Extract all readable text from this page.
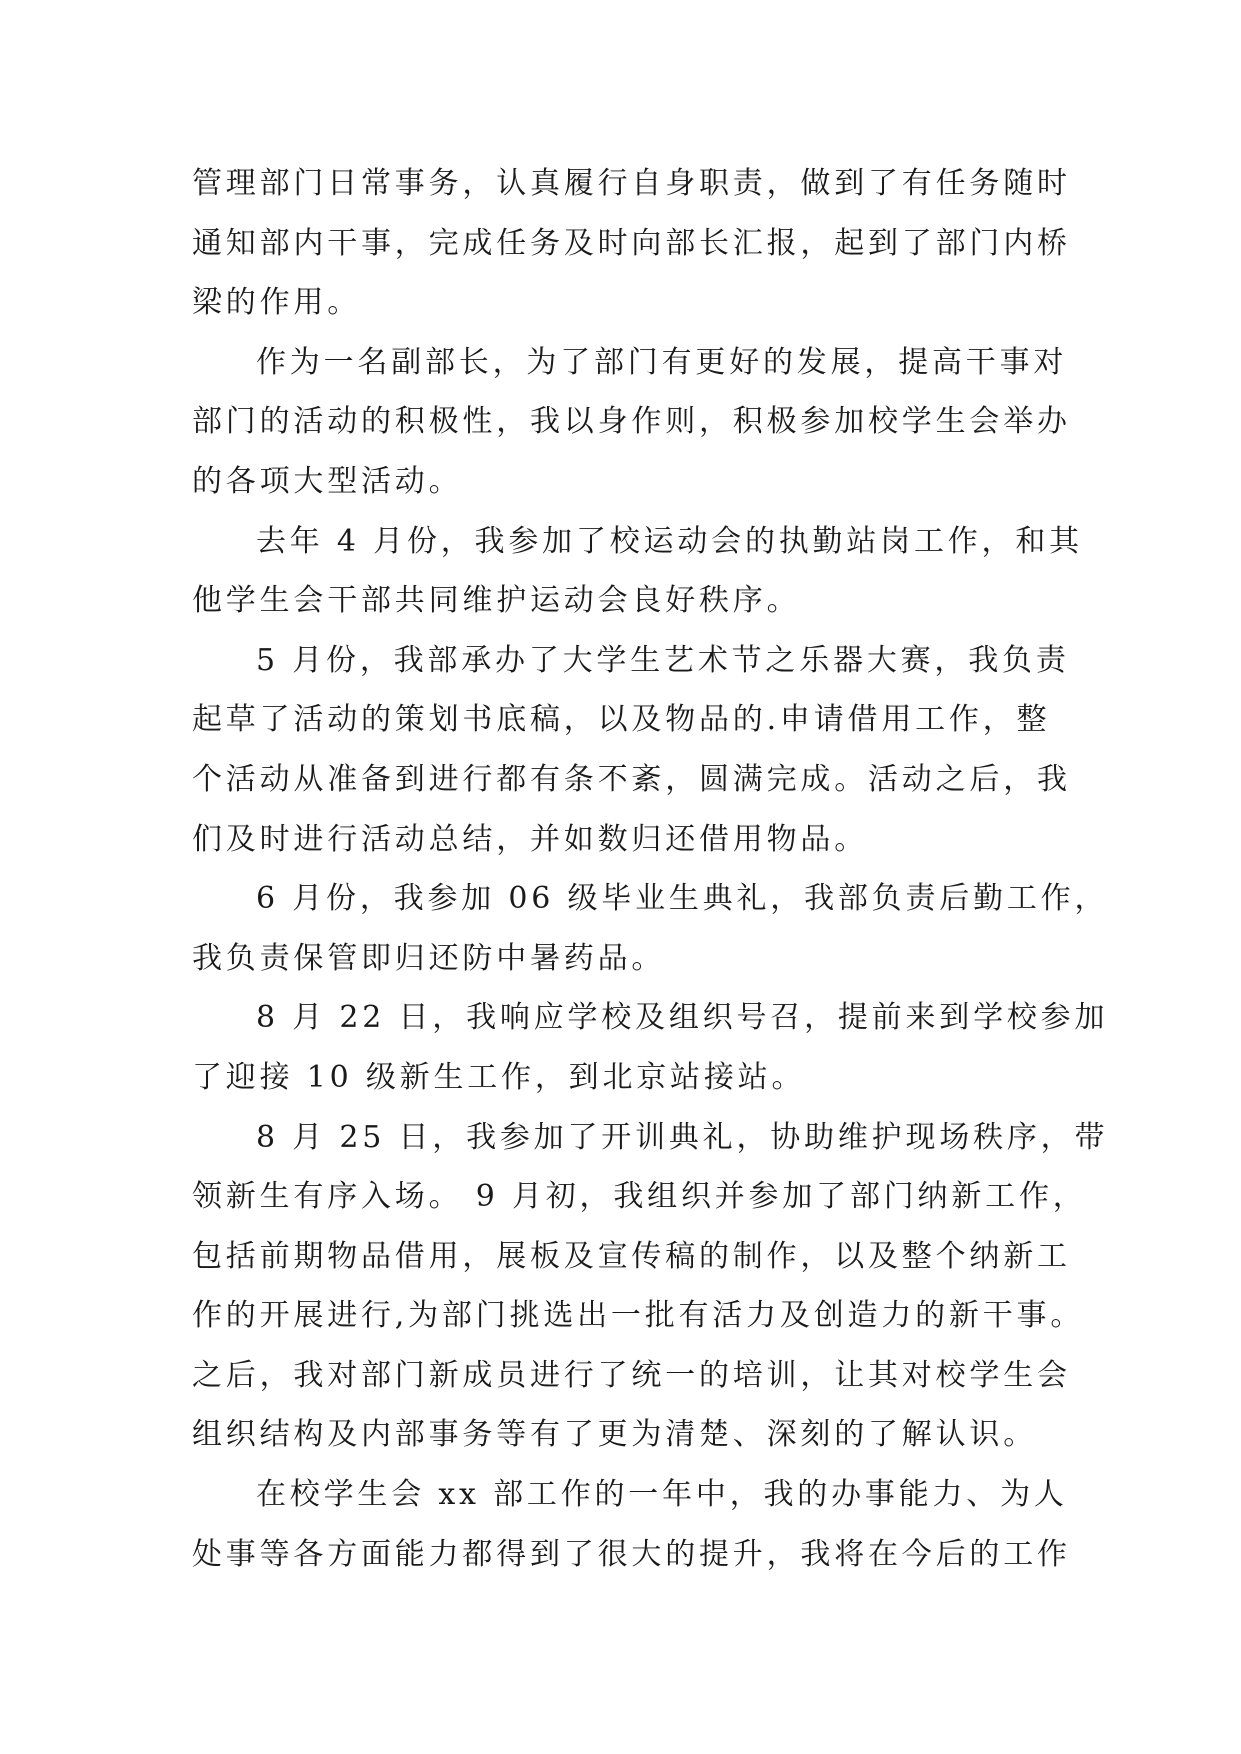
管理部门日常事务，认真履行自身职责，做到了有任务随时
通知部内干事，完成任务及时向部长汇报，起到了部门内桥
梁的作用。
作为一名副部长，为了部门有更好的发展，提高干事对
部门的活动的积极性，我以身作则，积极参加校学生会举办
的各项大型活动。
去年 4 月份，我参加了校运动会的执勤站岗工作，和其
他学生会干部共同维护运动会良好秩序。
5 月份，我部承办了大学生艺术节之乐器大赛，我负责
起草了活动的策划书底稿，以及物品的.申请借用工作，整
个活动从准备到进行都有条不紊，圆满完成。活动之后，我
们及时进行活动总结，并如数归还借用物品。
6 月份，我参加 06 级毕业生典礼，我部负责后勤工作，
我负责保管即归还防中暑药品。
8 月 22 日，我响应学校及组织号召，提前来到学校参加
了迎接 10 级新生工作，到北京站接站。
8 月 25 日，我参加了开训典礼，协助维护现场秩序，带
领新生有序入场。 9 月初，我组织并参加了部门纳新工作，
包括前期物品借用，展板及宣传稿的制作，以及整个纳新工
作的开展进行,为部门挑选出一批有活力及创造力的新干事。
之后，我对部门新成员进行了统一的培训，让其对校学生会
组织结构及内部事务等有了更为清楚、深刻的了解认识。
在校学生会 xx 部工作的一年中，我的办事能力、为人
处事等各方面能力都得到了很大的提升，我将在今后的工作
